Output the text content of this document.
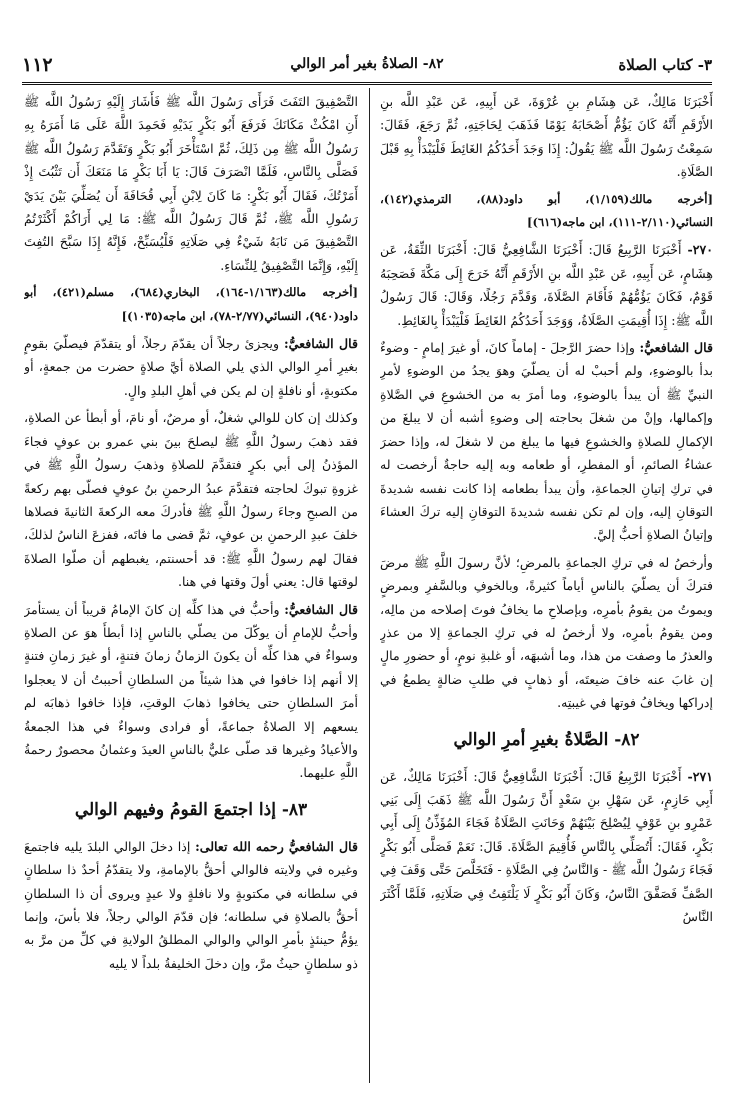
٣- كتاب الصلاة
٨٢- الصلاةُ بغير أمر الوالي
١١٢

أَخْبَرَنَا مَالِكٌ، عَن هِشَامِ بنِ عُرْوَةَ، عَن أَبِيهِ، عَن عَبْدِ اللَّه بنِ الأَرْقَمِ أَنَّهُ كَانَ يَؤُمُّ أَصْحَابَهُ يَوْمًا فَذَهَبَ لِحَاجَتِهِ، ثُمَّ رَجَعَ، فَقَالَ: سَمِعْتُ رَسُولَ اللَّه ﷺ يَقُولُ: إِذَا وَجَدَ أَحَدُكُمُ الغَائِطَ فَلْيَبْدَأْ بِهِ قَبْلَ الصَّلَاةِ.

[أخرجه مالك(١/١٥٩)، أبو داود(٨٨)، الترمذي(١٤٢)، النسائي(٢/١١٠-١١١)، ابن ماجه(٦١٦)]

٢٧٠- أَخْبَرَنَا الرَّبِيعُ قَالَ: أَخْبَرَنَا الشَّافِعِيُّ قَالَ: أَخْبَرَنَا الثِّقَةُ، عَن هِشَامٍ، عَن أَبِيهِ، عَن عَبْدِ اللَّه بنِ الأَرْقَمِ أَنَّهُ خَرَجَ إِلَى مَكَّةَ فَصَحِبَهُ قَوْمٌ، فَكَانَ يَؤُمُّهُمْ فَأَقَامَ الصَّلَاةَ، وَقَدَّمَ رَجُلًا، وَقَالَ: قَالَ رَسُولُ اللَّه ﷺ: إِذَا أُقِيمَتِ الصَّلَاةُ، وَوَجَدَ أَحَدُكُمُ الغَائِطَ فَلْيَبْدَأْ بِالغَائِطِ.

قال الشافعيُّ: وإذا حضرَ الرَّجلَ - إماماً كانَ، أو غيرَ إمامٍ - وضوءٌ بدأ بالوضوءِ، ولم أحببْ له أن يصلّيَ وهوَ يجدُ من الوضوءِ لأمرِ النبيِّ ﷺ أن يبدأ بالوضوءِ، وما أمرَ به من الخشوعِ في الصَّلاةِ وإكمالها، وإنْ من شغلَ بحاجته إلى وضوءِ أشبه أن لا يبلغَ من الإكمالِ للصلاةِ والخشوعِ فيها ما يبلغ من لا شغلَ له، وإذا حضرَ عشاءُ الصائمِ، أو المفطرِ، أو طعامه وبه إليه حاجةٌ أرخصت له في تركِ إتيانِ الجماعةِ، وأن يبدأ بطعامه إذا كانت نفسه شديدةَ التوقانِ إليه، وإن لم تكن نفسه شديدةَ التوقانِ إليه تركَ العشاءَ وإتيانُ الصلاةِ أحبُّ إليَّ.

وأرخصُ له في تركِ الجماعةِ بالمرضِ؛ لأنَّ رسولَ اللَّهِ ﷺ مرضَ فتركَ أن يصلّيَ بالناسِ أياماً كثيرةً، وبالخوفِ وبالسَّفرِ وبمرضٍ ويموتُ من يقومُ بأمرِه، وبإصلاحِ ما يخافُ فوتَ إصلاحه من مالِه، ومن يقومُ بأمرِه، ولا أرخصُ له في تركِ الجماعةِ إلا من عذرٍ والعذرُ ما وصفت من هذا، وما أشبهَه، أو غلبةِ نومٍ، أو حضورِ مالٍ إن غابَ عنه خافَ ضيعتَه، أو ذهابٍ في طلبِ ضالةٍ يطمعُ في إدراكها ويخافُ فوتها في غيبتِه.

٨٢- الصَّلاةُ بغيرِ أمرِ الوالي

٢٧١- أَخْبَرَنَا الرَّبِيعُ قَالَ: أَخْبَرَنَا الشَّافِعِيُّ قَالَ: أَخْبَرَنَا مَالِكٌ، عَن أَبِي حَازِمٍ، عَن سَهْلِ بنِ سَعْدٍ أَنَّ رَسُولَ اللَّه ﷺ ذَهَبَ إِلَى بَنِي عَمْرِو بنِ عَوْفٍ لِيُصْلِحَ بَيْنَهُمْ وَحَانَتِ الصَّلَاةُ فَجَاءَ المُؤَذِّنُ إِلَى أَبِي بَكْرٍ، فَقَالَ: أَتُصَلِّي بِالنَّاسِ فَأُقِيمَ الصَّلَاةَ. قَالَ: نَعَمْ فَصَلَّى أَبُو بَكْرٍ فَجَاءَ رَسُولُ اللَّه ﷺ - وَالنَّاسُ فِي الصَّلَاةِ - فَتَخَلَّصَ حَتَّى وَقَفَ فِي الصَّفِّ فَصَفَّقَ النَّاسُ، وَكَانَ أَبُو بَكْرٍ لَا يَلْتَفِتُ فِي صَلَاتِهِ، فَلَمَّا أَكْثَرَ النَّاسُ

التَّصْفِيقَ التَفَتَ فَرَأَى رَسُولَ اللَّه ﷺ فَأَشَارَ إِلَيْهِ رَسُولُ اللَّه ﷺ أَنِ امْكُثْ مَكَانَكَ فَرَفَعَ أَبُو بَكْرٍ يَدَيْهِ فَحَمِدَ اللَّهَ عَلَى مَا أَمَرَهُ بِهِ رَسُولُ اللَّه ﷺ مِن ذَلِكَ، ثُمَّ اسْتَأْخَرَ أَبُو بَكْرٍ وَتَقَدَّمَ رَسُولُ اللَّه ﷺ فَصَلَّى بِالنَّاسِ، فَلَمَّا انْصَرَفَ قَالَ: يَا أَبَا بَكْرٍ مَا مَنَعَكَ أَن تَثْبُتَ إِذْ أَمَرْتُكَ، فَقَالَ أَبُو بَكْرٍ: مَا كَانَ لِابْنِ أَبِي قُحَافَةَ أَن يُصَلِّيَ بَيْنَ يَدَيْ رَسُولِ اللَّه ﷺ، ثُمَّ قَالَ رَسُولُ اللَّه ﷺ: مَا لِي أَرَاكُمْ أَكْثَرْتُمُ التَّصْفِيقَ مَن نَابَهُ شَيْءٌ فِي صَلَاتِهِ فَلْيُسَبِّحْ، فَإِنَّهُ إِذَا سَبَّحَ التُفِتَ إِلَيْهِ، وَإِنَّمَا التَّصْفِيقُ لِلنِّسَاءِ.

[أخرجه مالك(١/١٦٣-١٦٤)، البخاري(٦٨٤)، مسلم(٤٢١)، أبو داود(٩٤٠)، النسائي(٢/٧٧-٧٨)، ابن ماجه(١٠٣٥)]

قال الشافعيُّ: ويجزئ رجلاً أن يقدّمَ رجلاً، أو يتقدّمَ فيصلّيَ بقومٍ بغيرِ أمرِ الوالي الذي يلي الصلاة أيَّ صلاةٍ حضرت من جمعةٍ، أو مكتوبةٍ، أو نافلةٍ إن لم يكن في أهلِ البلدِ والٍ.

وكذلك إن كان للوالي شغلٌ، أو مرضٌ، أو نامَ، أو أبطأ عن الصلاةِ، فقد ذهبَ رسولُ اللَّهِ ﷺ ليصلحَ بينَ بني عمرو بن عوفٍ فجاءَ المؤذنُ إلى أبي بكرٍ فتقدَّمَ للصلاةِ وذهبَ رسولُ اللَّهِ ﷺ في غزوةِ تبوكَ لحاجته فتقدَّمَ عبدُ الرحمنِ بنُ عوفٍ فصلّى بهم ركعةً من الصبحِ وجاءَ رسولُ اللَّهِ ﷺ فأدركَ معه الركعةَ الثانيةَ فصلاها خلفَ عبدِ الرحمنِ بن عوفٍ، ثمَّ قضى ما فاتَه، ففزعَ الناسُ لذلكَ، فقالَ لهم رسولُ اللَّهِ ﷺ: قد أحسنتم، يغبطهم أن صلّوا الصلاةَ لوقتها قال: يعني أولَ وقتها في هنا.

قال الشافعيُّ: وأحبُّ في هذا كلِّه إن كانَ الإمامُ قريباً أن يستأمرَ وأحبُّ للإمامِ أن يوكّلَ من يصلّي بالناسِ إذا أبطأَ هوَ عن الصلاةِ وسواءٌ في هذا كلِّه أن يكونَ الزمانُ زمانَ فتنةٍ، أو غيرَ زمانِ فتنةٍ إلا أنهم إذا خافوا في هذا شيئاً من السلطانِ أحببتُ أن لا يعجلوا أمرَ السلطانِ حتى يخافوا ذهابَ الوقتِ، فإذا خافوا ذهابَه لم يسعهم إلا الصلاةُ جماعةً، أو فرادى وسواءٌ في هذا الجمعةُ والأعيادُ وغيرها قد صلّى عليٌّ بالناسِ العيدَ وعثمانُ محصورٌ رحمةُ اللَّهِ عليهما.

٨٣- إذا اجتمعَ القومُ وفيهم الوالي

قال الشافعيُّ رحمه الله تعالى: إذا دخلَ الوالي البلدَ يليه فاجتمعَ وغيره في ولايته فالوالي أحقُّ بالإمامةِ، ولا يتقدّمُ أحدٌ ذا سلطانٍ في سلطانه في مكتوبةٍ ولا نافلةٍ ولا عيدٍ ويروى أن ذا السلطانِ أحقُّ بالصلاةِ في سلطانه؛ فإن قدّمَ الوالي رجلاً، فلا بأسَ، وإنما يؤمُّ حينئذٍ بأمرِ الوالي والوالي المطلقُ الولايةِ في كلِّ من مرَّ به ذو سلطانٍ حيثُ مرَّ، وإن دخلَ الخليفةُ بلداً لا يليه
